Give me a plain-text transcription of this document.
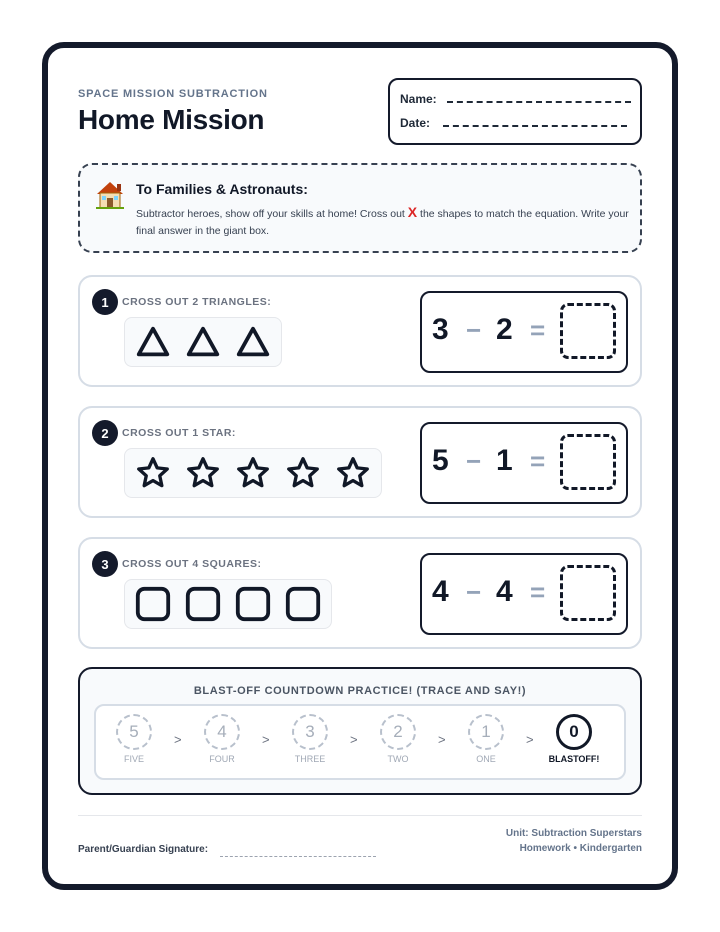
SPACE MISSION SUBTRACTION
Home Mission
Name:
Date:
To Families & Astronauts:

Subtractor heroes, show off your skills at home! Cross out X the shapes to match the equation. Write your final answer in the giant box.

1	CROSS OUT 2 TRIANGLES:
3 − 2 =
2	CROSS OUT 1 STAR:
5 − 1 =
3	CROSS OUT 4 SQUARES:
4 − 4 =
BLAST-OFF COUNTDOWN PRACTICE! (TRACE AND SAY!)
5
FIVE
>	4
FOUR
>	3
THREE
>	2
TWO
>	1
ONE
>	0
BLASTOFF!
Parent/Guardian Signature:
Unit: Subtraction Superstars
Homework • Kindergarten
